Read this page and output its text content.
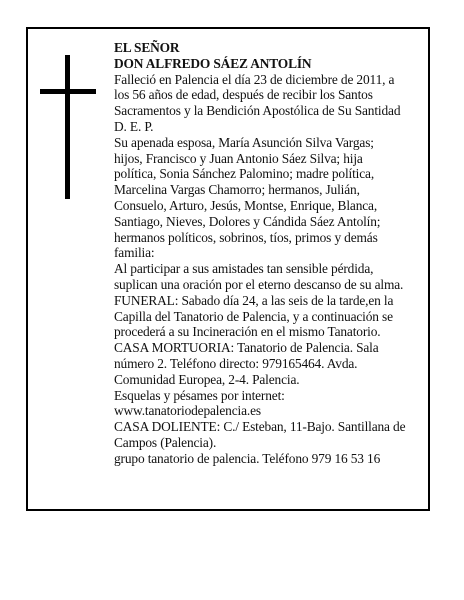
EL SEÑOR
DON ALFREDO SÁEZ ANTOLÍN
Falleció en Palencia el día 23 de diciembre de 2011, a
los 56 años de edad, después de recibir los Santos
Sacramentos y la Bendición Apostólica de Su Santidad
D. E. P.
Su apenada esposa, María Asunción Silva Vargas;
hijos, Francisco y Juan Antonio Sáez Silva; hija
política, Sonia Sánchez Palomino; madre política,
Marcelina Vargas Chamorro; hermanos, Julián,
Consuelo, Arturo, Jesús, Montse, Enrique, Blanca,
Santiago, Nieves, Dolores y Cándida Sáez Antolín;
hermanos políticos, sobrinos, tíos, primos y demás
familia:
Al participar a sus amistades tan sensible pérdida,
suplican una oración por el eterno descanso de su alma.
FUNERAL: Sabado día 24, a las seis de la tarde,en la
Capilla del Tanatorio de Palencia, y a continuación se
procederá a su Incineración en el mismo Tanatorio.
CASA MORTUORIA: Tanatorio de Palencia. Sala
número 2. Teléfono directo: 979165464. Avda.
Comunidad Europea, 2-4. Palencia.
Esquelas y pésames por internet:
www.tanatoriodepalencia.es
CASA DOLIENTE: C./ Esteban, 11-Bajo. Santillana de
Campos (Palencia).
grupo tanatorio de palencia. Teléfono 979 16 53 16
